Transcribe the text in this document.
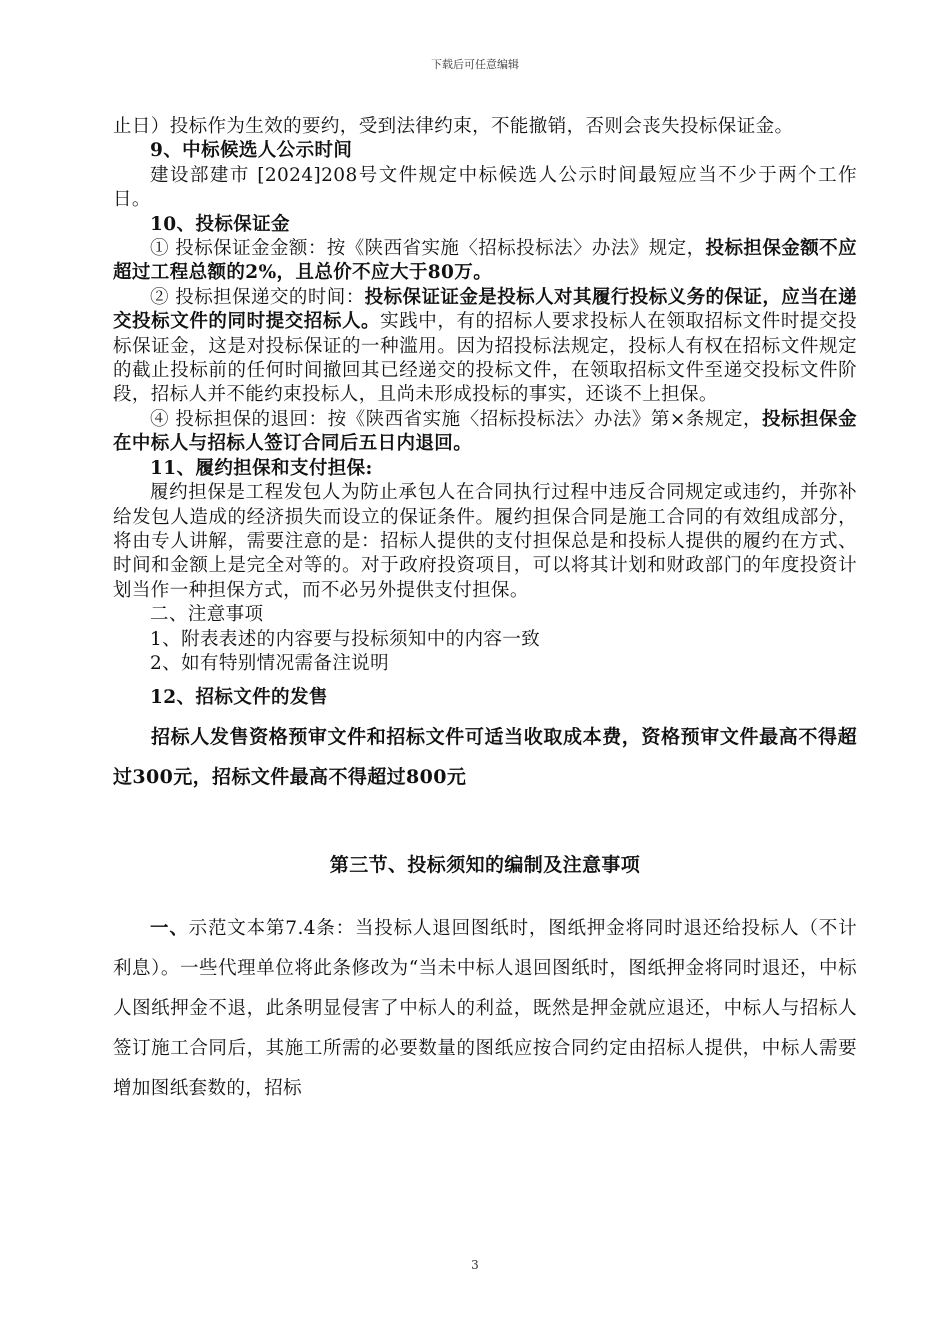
下载后可任意编辑

止日）投标作为生效的要约，受到法律约束，不能撤销，否则会丧失投标保证金。

9、中标候选人公示时间

建设部建市 [2024]208号文件规定中标候选人公示时间最短应当不少于两个工作日。

10、投标保证金

① 投标保证金金额：按《陕西省实施〈招标投标法〉办法》规定，投标担保金额不应超过工程总额的2%，且总价不应大于80万。

② 投标担保递交的时间：投标保证证金是投标人对其履行投标义务的保证，应当在递交投标文件的同时提交招标人。实践中，有的招标人要求投标人在领取招标文件时提交投标保证金，这是对投标保证的一种滥用。因为招投标法规定，投标人有权在招标文件规定的截止投标前的任何时间撤回其已经递交的投标文件，在领取招标文件至递交投标文件阶段，招标人并不能约束投标人，且尚未形成投标的事实，还谈不上担保。

④ 投标担保的退回：按《陕西省实施〈招标投标法〉办法》第×条规定，投标担保金在中标人与招标人签订合同后五日内退回。

11、履约担保和支付担保:

履约担保是工程发包人为防止承包人在合同执行过程中违反合同规定或违约，并弥补给发包人造成的经济损失而设立的保证条件。履约担保合同是施工合同的有效组成部分，将由专人讲解，需要注意的是：招标人提供的支付担保总是和投标人提供的履约在方式、时间和金额上是完全对等的。对于政府投资项目，可以将其计划和财政部门的年度投资计划当作一种担保方式，而不必另外提供支付担保。

二、注意事项

1、附表表述的内容要与投标须知中的内容一致

2、如有特别情况需备注说明

12、招标文件的发售

招标人发售资格预审文件和招标文件可适当收取成本费，资格预审文件最高不得超过300元，招标文件最高不得超过800元

第三节、投标须知的编制及注意事项

一、示范文本第7.4条：当投标人退回图纸时，图纸押金将同时退还给投标人（不计利息）。一些代理单位将此条修改为“当未中标人退回图纸时，图纸押金将同时退还，中标人图纸押金不退，此条明显侵害了中标人的利益，既然是押金就应退还，中标人与招标人签订施工合同后，其施工所需的必要数量的图纸应按合同约定由招标人提供，中标人需要增加图纸套数的，招标

3
